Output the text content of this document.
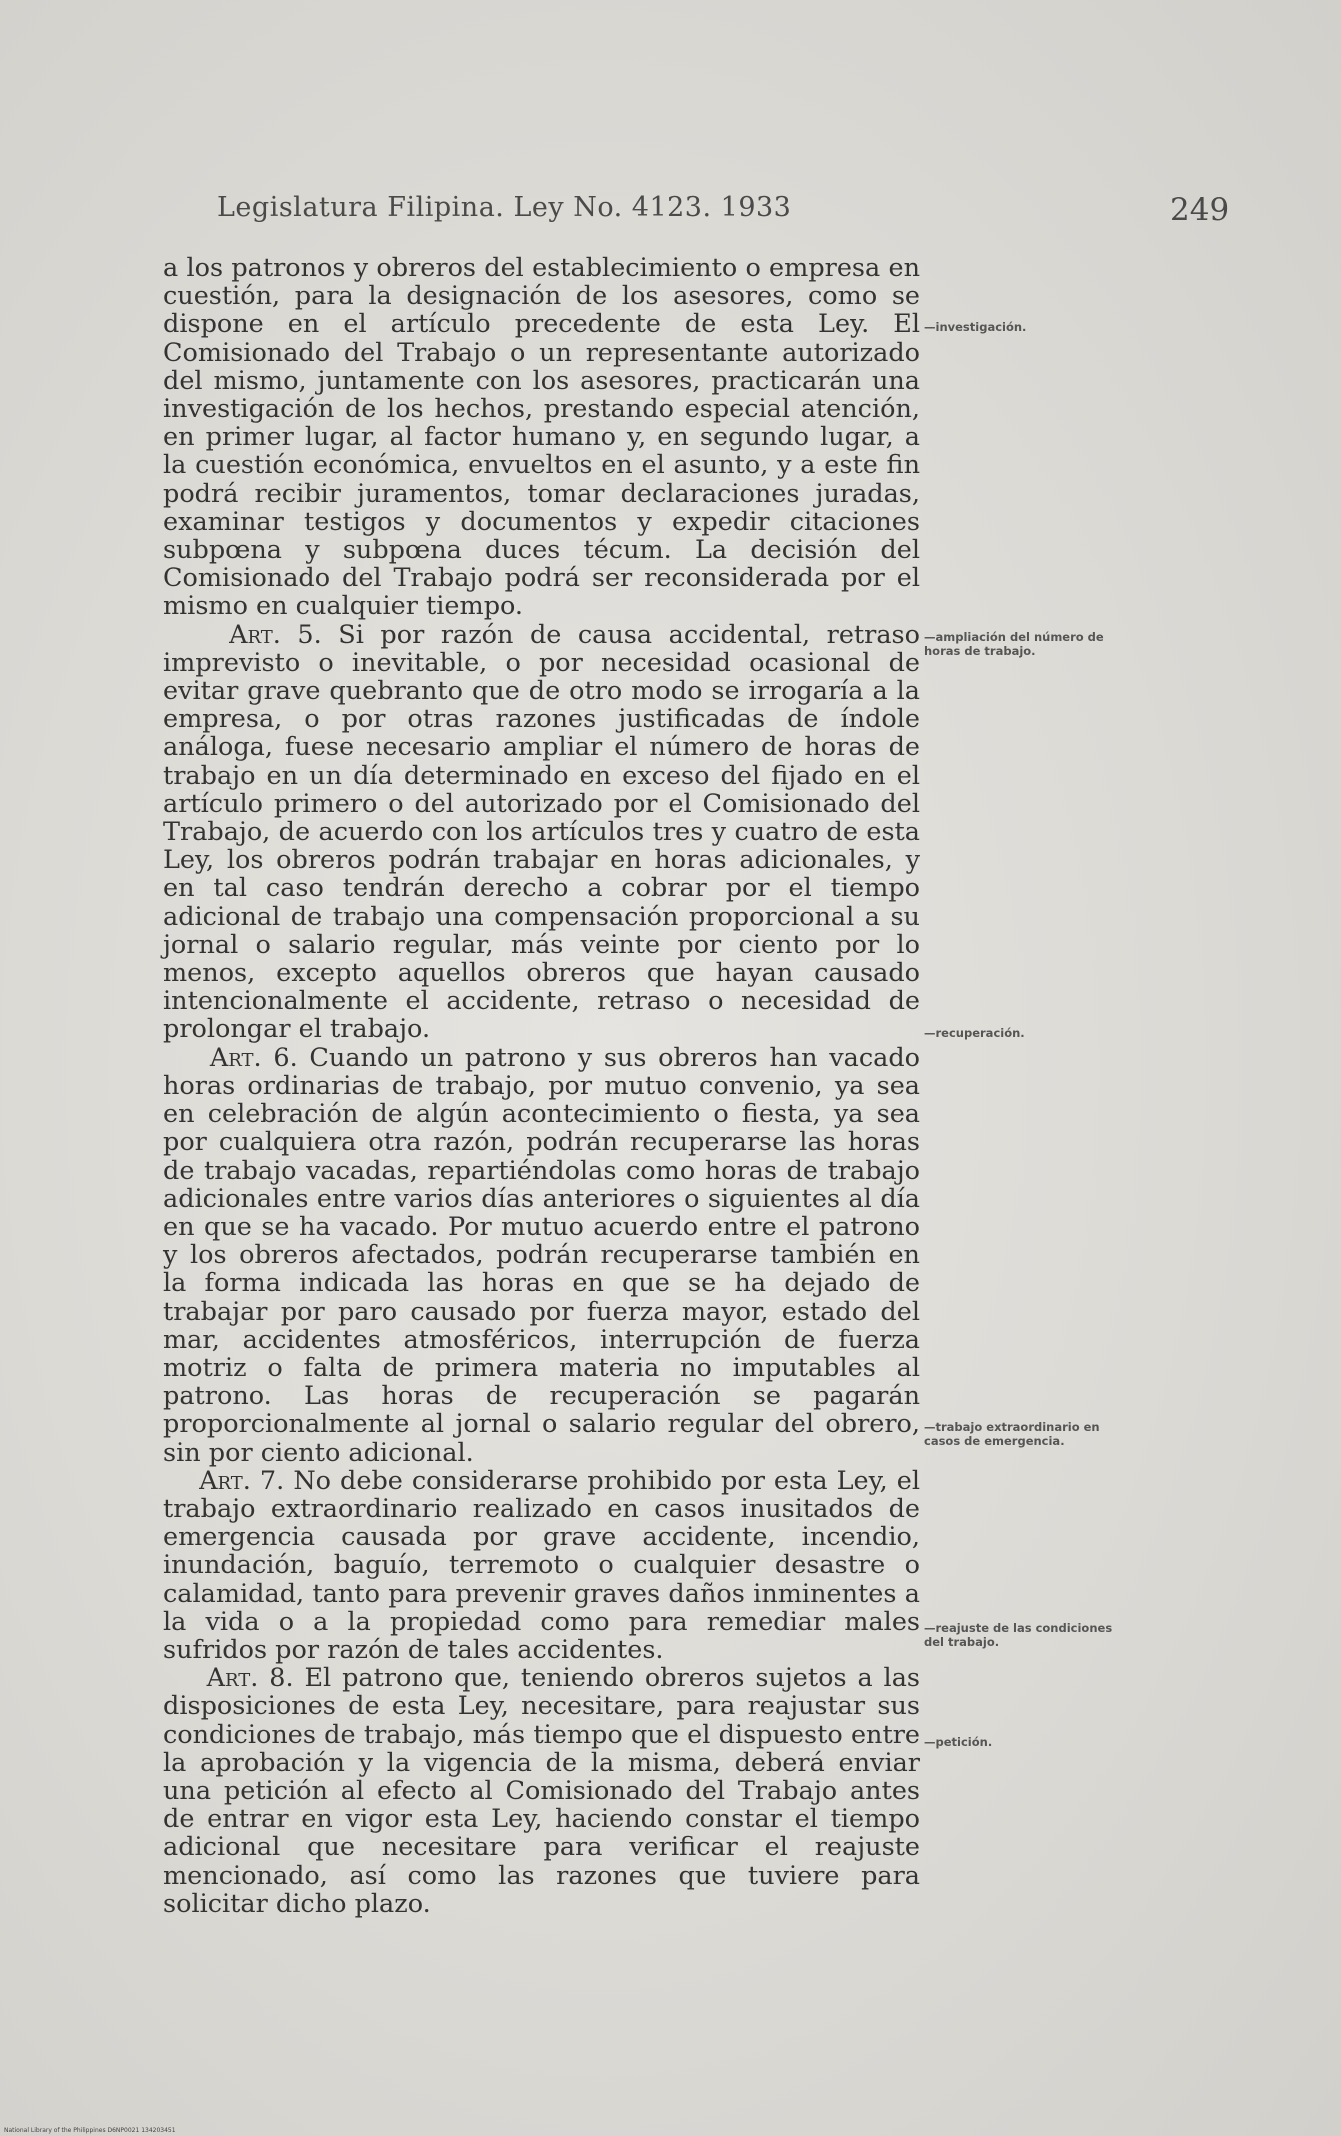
Legislatura Filipina. Ley No. 4123. 1933	249

a los patronos y obreros del establecimiento o empresa en cuestión, para la designación de los asesores, como se dispone en el artículo precedente de esta Ley. El Comisionado del Trabajo o un representante autorizado del mismo, juntamente con los asesores, practicarán una investigación de los hechos, prestando especial atención, en primer lugar, al factor humano y, en segundo lugar, a la cuestión económica, envueltos en el asunto, y a este fin podrá recibir juramentos, tomar declaraciones juradas, examinar testigos y documentos y expedir citaciones subpœna y subpœna duces técum. La decisión del Comisionado del Trabajo podrá ser reconsiderada por el mismo en cualquier tiempo.

Art. 5. Si por razón de causa accidental, retraso imprevisto o inevitable, o por necesidad ocasional de evitar grave quebranto que de otro modo se irrogaría a la empresa, o por otras razones justificadas de índole análoga, fuese necesario ampliar el número de horas de trabajo en un día determinado en exceso del fijado en el artículo primero o del autorizado por el Comisionado del Trabajo, de acuerdo con los artículos tres y cuatro de esta Ley, los obreros podrán trabajar en horas adicionales, y en tal caso tendrán derecho a cobrar por el tiempo adicional de trabajo una compensación proporcional a su jornal o salario regular, más veinte por ciento por lo menos, excepto aquellos obreros que hayan causado intencionalmente el accidente, retraso o necesidad de prolongar el trabajo.

Art. 6. Cuando un patrono y sus obreros han vacado horas ordinarias de trabajo, por mutuo convenio, ya sea en celebración de algún acontecimiento o fiesta, ya sea por cualquiera otra razón, podrán recuperarse las horas de trabajo vacadas, repartiéndolas como horas de trabajo adicionales entre varios días anteriores o siguientes al día en que se ha vacado. Por mutuo acuerdo entre el patrono y los obreros afectados, podrán recuperarse también en la forma indicada las horas en que se ha dejado de trabajar por paro causado por fuerza mayor, estado del mar, accidentes atmosféricos, interrupción de fuerza motriz o falta de primera materia no imputables al patrono. Las horas de recuperación se pagarán proporcionalmente al jornal o salario regular del obrero, sin por ciento adicional.

Art. 7. No debe considerarse prohibido por esta Ley, el trabajo extraordinario realizado en casos inusitados de emergencia causada por grave accidente, incendio, inundación, baguío, terremoto o cualquier desastre o calamidad, tanto para prevenir graves daños inminentes a la vida o a la propiedad como para remediar males sufridos por razón de tales accidentes.

Art. 8. El patrono que, teniendo obreros sujetos a las disposiciones de esta Ley, necesitare, para reajustar sus condiciones de trabajo, más tiempo que el dispuesto entre la aprobación y la vigencia de la misma, deberá enviar una petición al efecto al Comisionado del Trabajo antes de entrar en vigor esta Ley, haciendo constar el tiempo adicional que necesitare para verificar el reajuste mencionado, así como las razones que tuviere para solicitar dicho plazo.

—investigación.
—ampliación del número de horas de trabajo.
—recuperación.
—trabajo extraordinario en casos de emergencia.
—reajuste de las condiciones del trabajo.
—petición.
National Library of the Philippines D6NP0021 134203451
